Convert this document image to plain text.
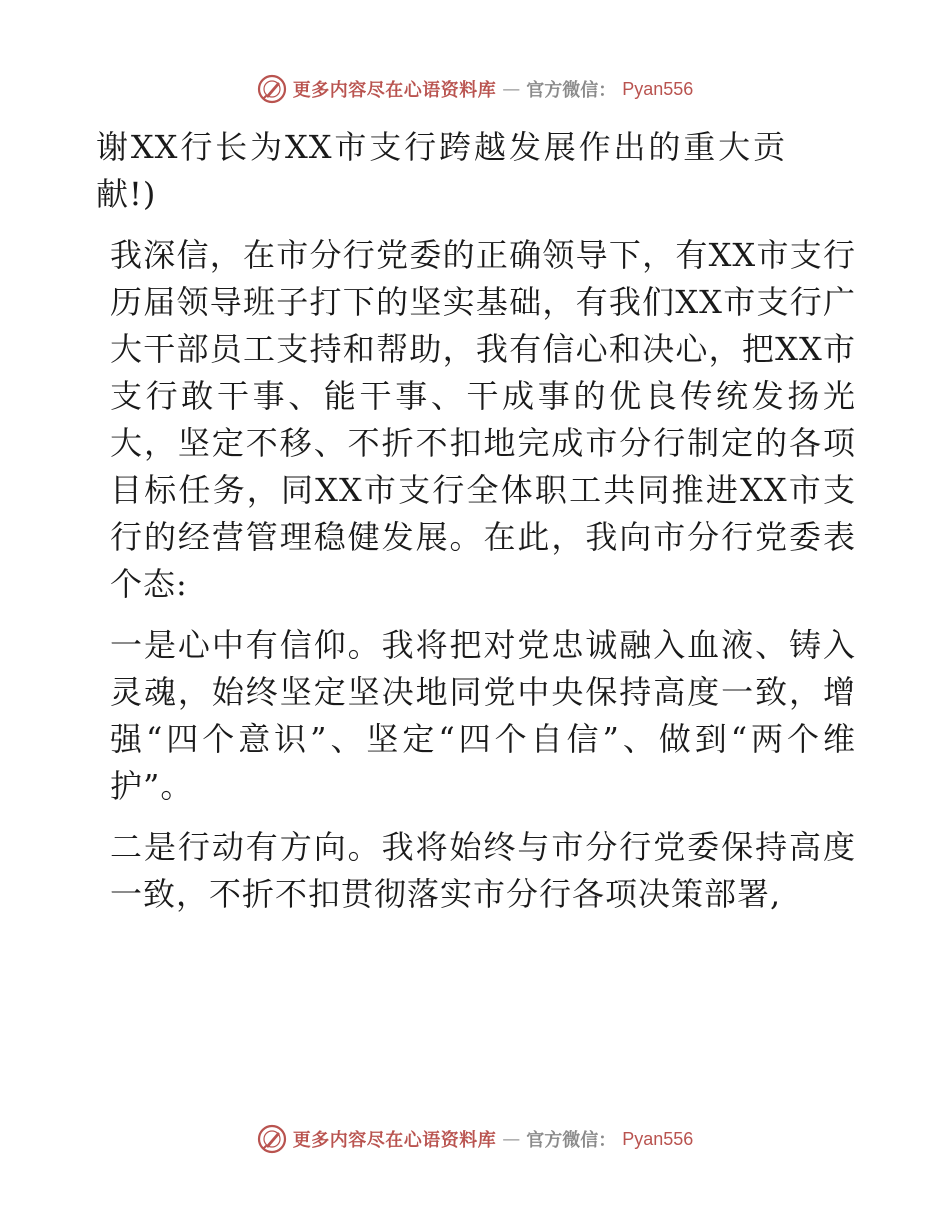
更多内容尽在心语资料库 — 官方微信： Pyan556

谢XX行长为XX市支行跨越发展作出的重大贡献!)

我深信，在市分行党委的正确领导下，有XX市支行历届领导班子打下的坚实基础，有我们XX市支行广大干部员工支持和帮助，我有信心和决心，把XX市支行敢干事、能干事、干成事的优良传统发扬光大，坚定不移、不折不扣地完成市分行制定的各项目标任务，同XX市支行全体职工共同推进XX市支行的经营管理稳健发展。在此，我向市分行党委表个态:

一是心中有信仰。我将把对党忠诚融入血液、铸入灵魂，始终坚定坚决地同党中央保持高度一致，增强“四个意识”、坚定“四个自信”、做到“两个维护”。

二是行动有方向。我将始终与市分行党委保持高度一致，不折不扣贯彻落实市分行各项决策部署,

更多内容尽在心语资料库 — 官方微信： Pyan556
